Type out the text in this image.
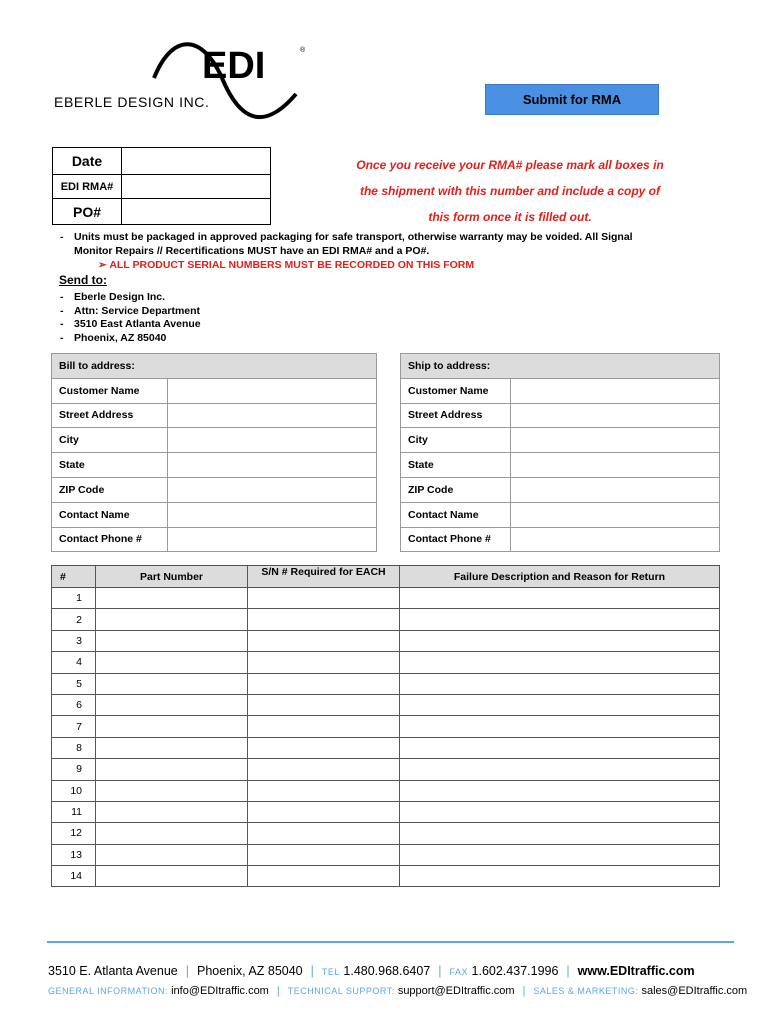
EDI	®
EBERLE DESIGN INC.	Submit for RMA
Date	
EDI RMA#	
PO#	
Once you receive your RMA# please mark all boxes in
the shipment with this number and include a copy of
this form once it is filled out.
-	Units must be packaged in approved packaging for safe transport, otherwise warranty may be voided. All Signal
Monitor Repairs // Recertifications MUST have an EDI RMA# and a PO#.
➢ ALL PRODUCT SERIAL NUMBERS MUST BE RECORDED ON THIS FORM
Send to:
-	Eberle Design Inc.
-	Attn: Service Department
-	3510 East Atlanta Avenue
-	Phoenix, AZ 85040
Bill to address:	
Customer Name	
Street Address	
City	
State	
ZIP Code	
Contact Name	
Contact Phone #	
Ship to address:	
Customer Name	
Street Address	
City	
State	
ZIP Code	
Contact Name	
Contact Phone #	
#	Part Number	S/N # Required for EACH	Failure Description and Reason for Return
1			
2			
3			
4			
5			
6			
7			
8			
9			
10			
11			
12			
13			
14			
3510 E. Atlanta Avenue | Phoenix, AZ 85040 | TEL 1.480.968.6407 | FAX 1.602.437.1996 | www.EDItraffic.com
GENERAL INFORMATION: info@EDItraffic.com | TECHNICAL SUPPORT: support@EDItraffic.com | SALES & MARKETING: sales@EDItraffic.com
